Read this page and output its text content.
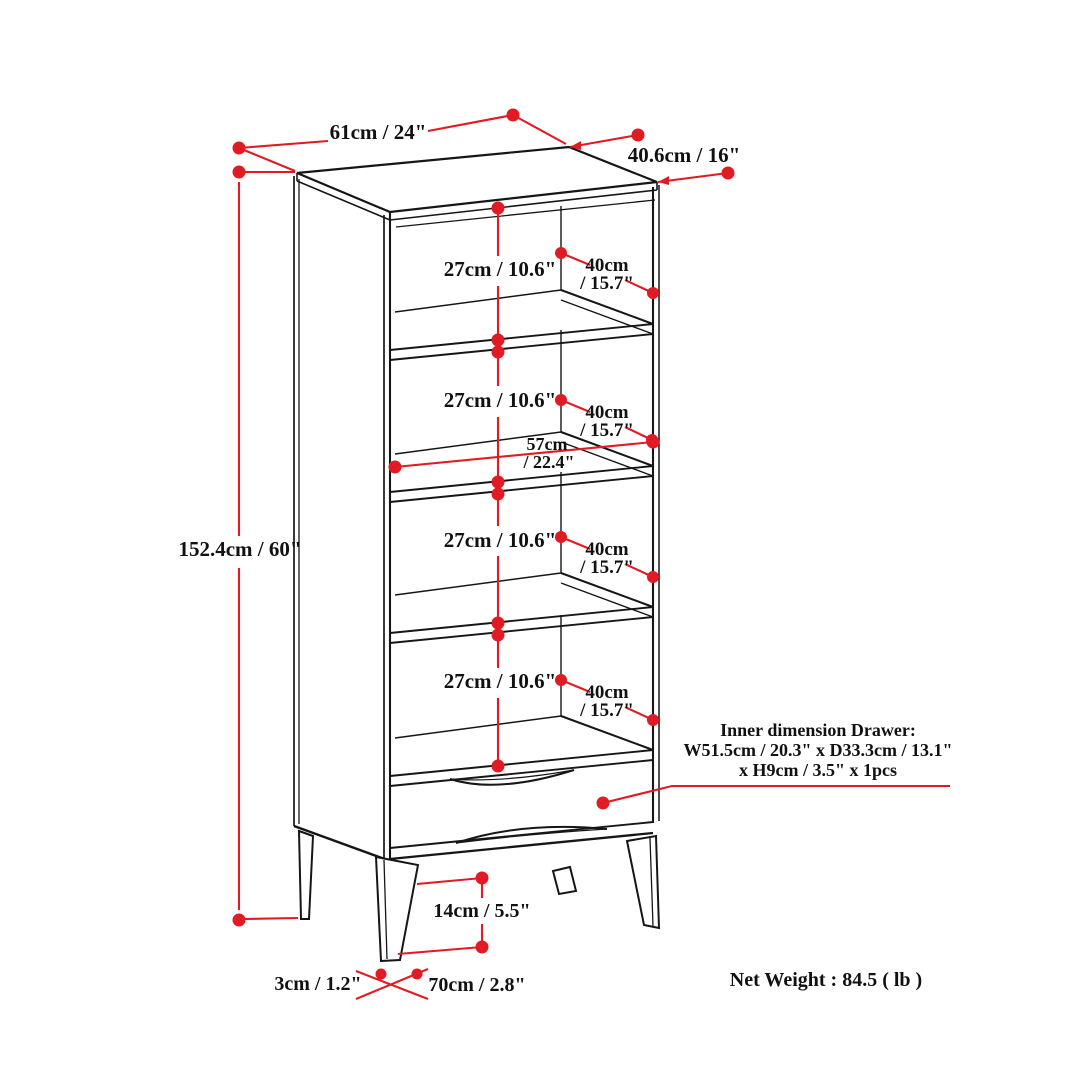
61cm / 24"
40.6cm / 16"
152.4cm / 60"
27cm / 10.6"
27cm / 10.6"
27cm / 10.6"
27cm / 10.6"
40cm
/ 15.7"
40cm
/ 15.7"
40cm
/ 15.7"
40cm
/ 15.7"
57cm
/ 22.4"
14cm / 5.5"
3cm / 1.2"	70cm / 2.8"
Inner dimension Drawer:
W51.5cm / 20.3" x D33.3cm / 13.1"
x H9cm / 3.5" x 1pcs
Net Weight : 84.5 ( lb )
